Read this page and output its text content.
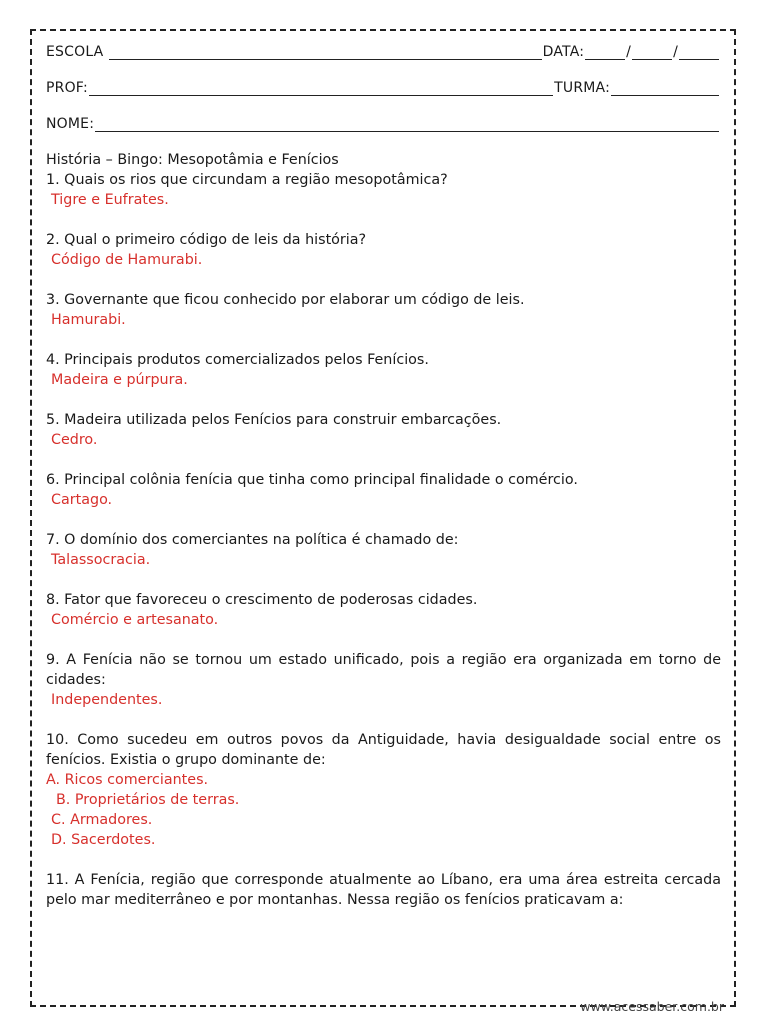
ESCOLA	DATA:	/	/
PROF:	TURMA:
NOME:

História – Bingo: Mesopotâmia e Fenícios

1. Quais os rios que circundam a região mesopotâmica?

Tigre e Eufrates.

2. Qual o primeiro código de leis da história?

Código de Hamurabi.

3. Governante que ficou conhecido por elaborar um código de leis.

Hamurabi.

4. Principais produtos comercializados pelos Fenícios.

Madeira e púrpura.

5. Madeira utilizada pelos Fenícios para construir embarcações.

Cedro.

6. Principal colônia fenícia que tinha como principal finalidade o comércio.

Cartago.

7. O domínio dos comerciantes na política é chamado de:

Talassocracia.

8. Fator que favoreceu o crescimento de poderosas cidades.

Comércio e artesanato.

9. A Fenícia não se tornou um estado unificado, pois a região era organizada em torno de cidades:

Independentes.

10. Como sucedeu em outros povos da Antiguidade, havia desigualdade social entre os fenícios. Existia o grupo dominante de:

A. Ricos comerciantes.

B. Proprietários de terras.

C. Armadores.

D. Sacerdotes.

11. A Fenícia, região que corresponde atualmente ao Líbano, era uma área estreita cercada pelo mar mediterrâneo e por montanhas. Nessa região os fenícios praticavam a:

www.acessaber.com.br
